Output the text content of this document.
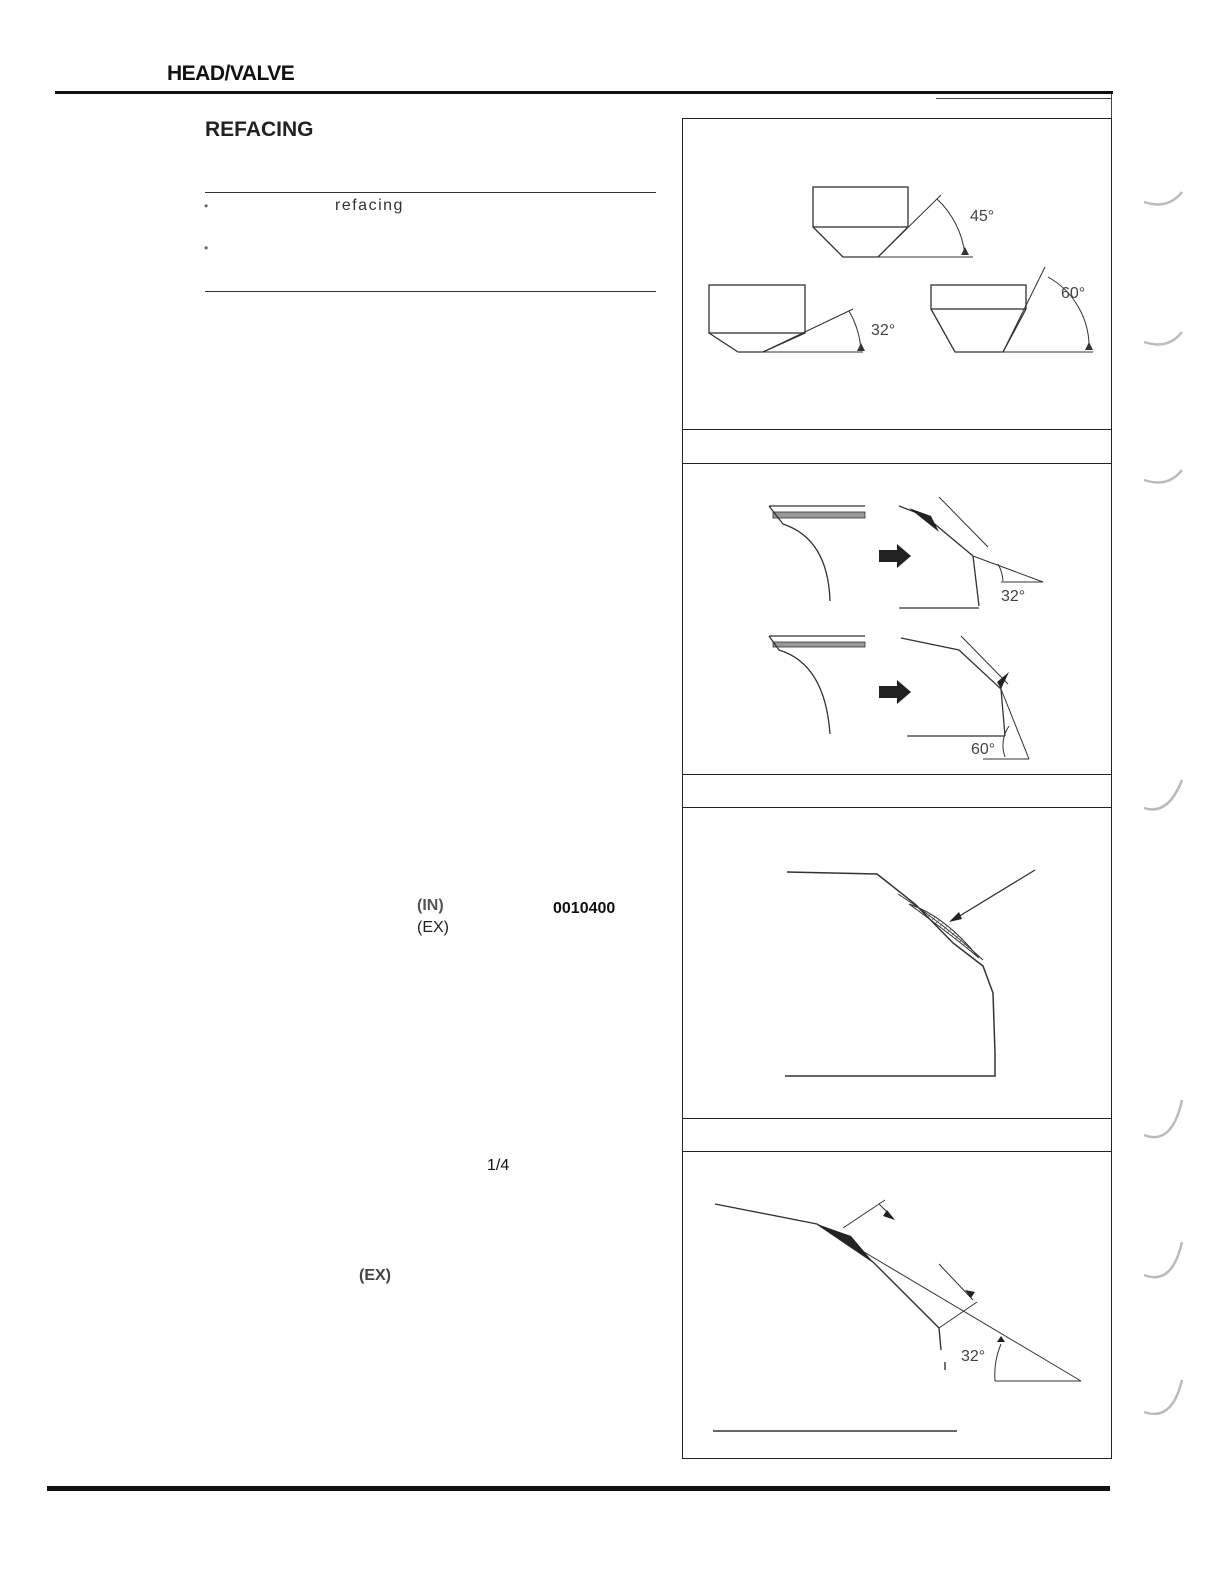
HEAD/VALVE
REFACING
•	refacing
•
(IN)	0010400
(EX)
1/4
(EX)
45°
32°
60°
32°
60°
32°
